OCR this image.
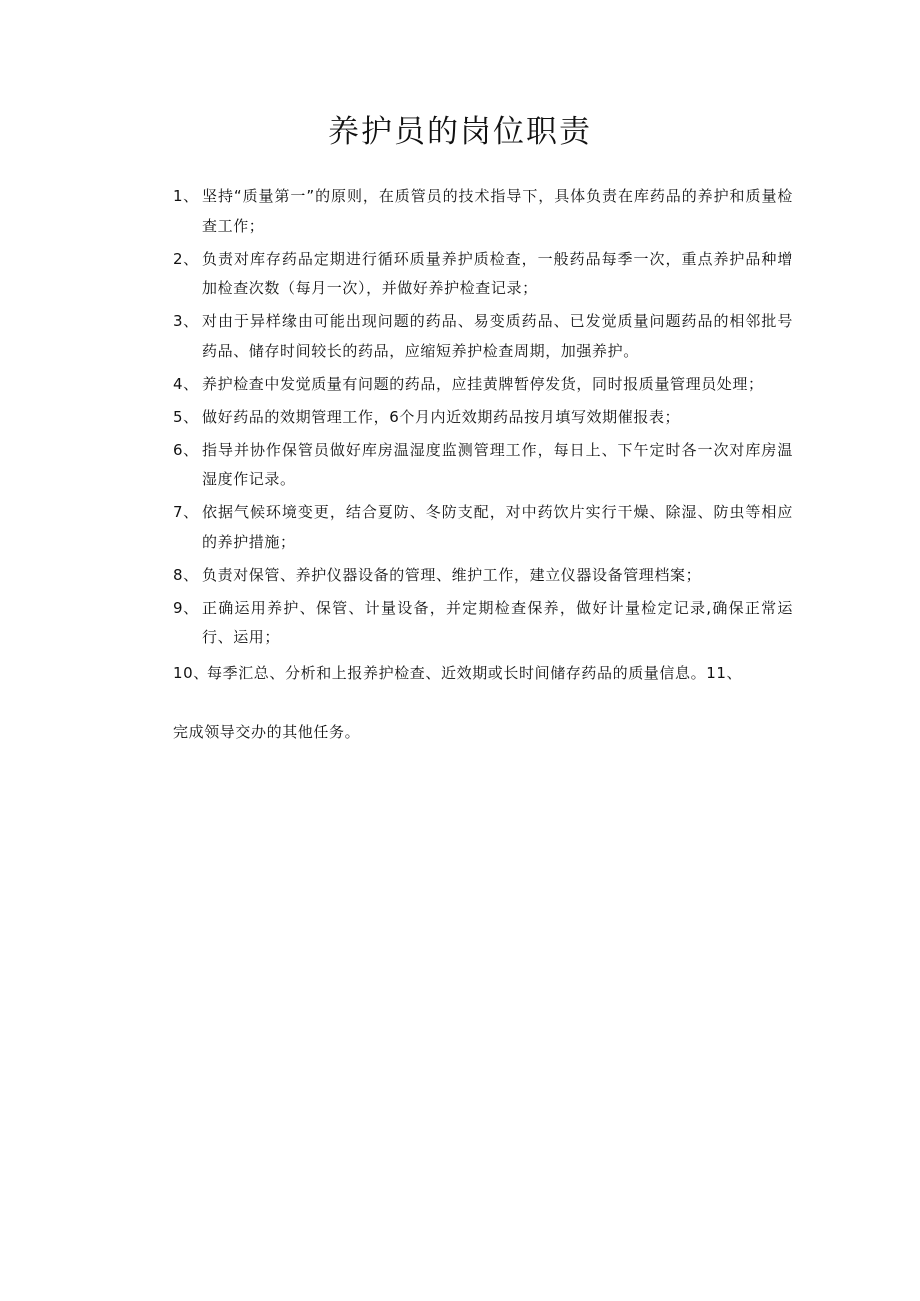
养护员的岗位职责
1、 坚持“质量第一”的原则，在质管员的技术指导下，具体负责在库药品的养护和质量检查工作；
2、 负责对库存药品定期进行循环质量养护质检查，一般药品每季一次，重点养护品种增加检查次数（每月一次），并做好养护检查记录；
3、 对由于异样缘由可能出现问题的药品、易变质药品、已发觉质量问题药品的相邻批号药品、储存时间较长的药品，应缩短养护检查周期，加强养护。
4、 养护检查中发觉质量有问题的药品，应挂黄牌暂停发货，同时报质量管理员处理；
5、 做好药品的效期管理工作，6个月内近效期药品按月填写效期催报表；
6、 指导并协作保管员做好库房温湿度监测管理工作，每日上、下午定时各一次对库房温湿度作记录。
7、 依据气候环境变更，结合夏防、冬防支配，对中药饮片实行干燥、除湿、防虫等相应的养护措施；
8、 负责对保管、养护仪器设备的管理、维护工作，建立仪器设备管理档案；
9、 正确运用养护、保管、计量设备，并定期检查保养，做好计量检定记录,确保正常运行、运用；
10、
每季汇总、分析和上报养护检查、近效期或长时间储存药品的质量信息。11、

完成领导交办的其他任务。
